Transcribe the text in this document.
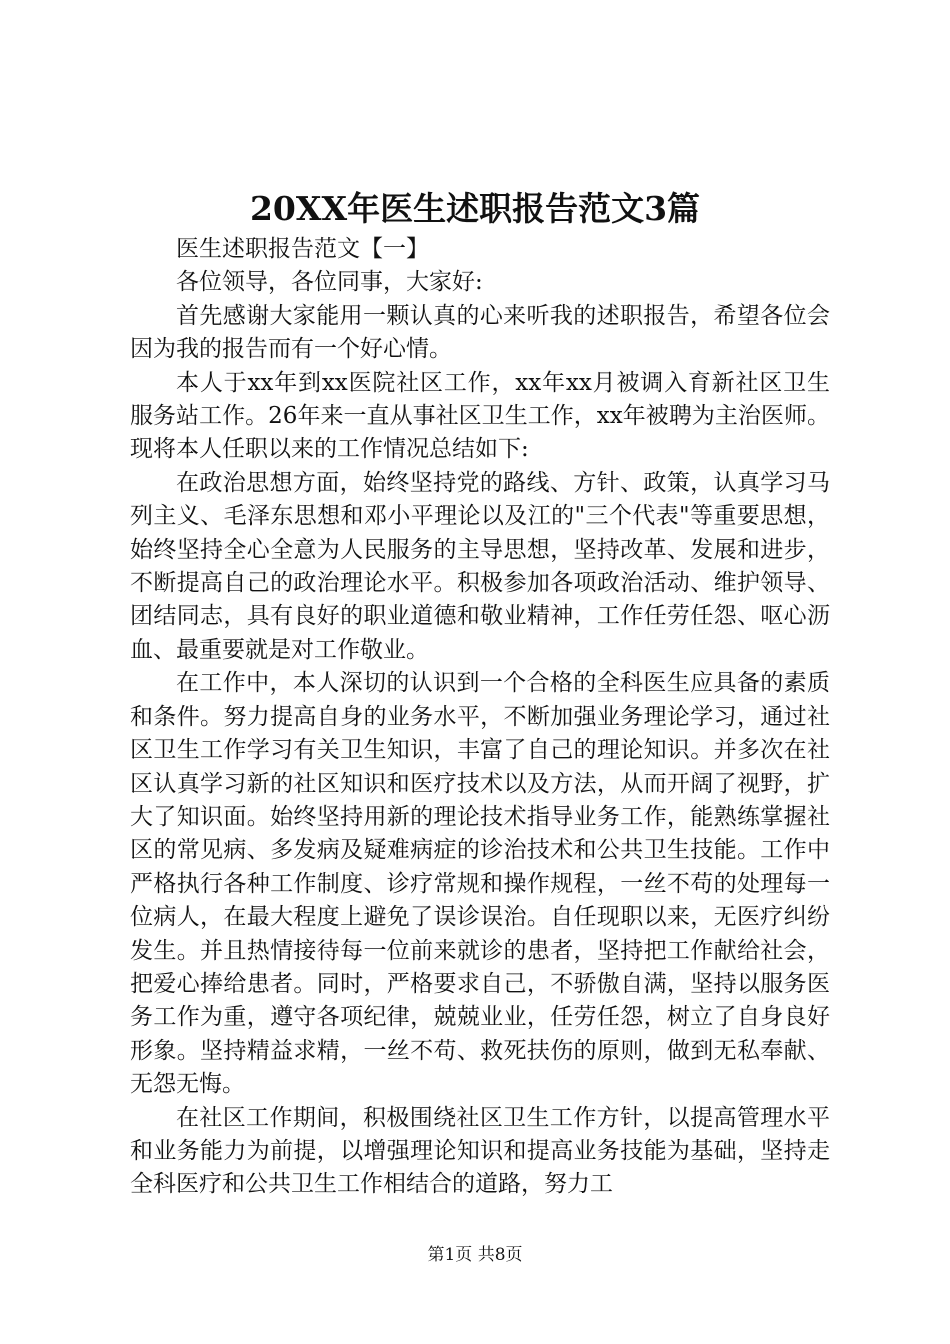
20XX年医生述职报告范文3篇

医生述职报告范文【一】

各位领导，各位同事，大家好:

首先感谢大家能用一颗认真的心来听我的述职报告，希望各位会因为我的报告而有一个好心情。

本人于xx年到xx医院社区工作，xx年xx月被调入育新社区卫生服务站工作。26年来一直从事社区卫生工作，xx年被聘为主治医师。现将本人任职以来的工作情况总结如下:

在政治思想方面，始终坚持党的路线、方针、政策，认真学习马列主义、毛泽东思想和邓小平理论以及江的"三个代表"等重要思想，始终坚持全心全意为人民服务的主导思想，坚持改革、发展和进步，不断提高自己的政治理论水平。积极参加各项政治活动、维护领导、团结同志，具有良好的职业道德和敬业精神，工作任劳任怨、呕心沥血、最重要就是对工作敬业。

在工作中，本人深切的认识到一个合格的全科医生应具备的素质和条件。努力提高自身的业务水平，不断加强业务理论学习，通过社区卫生工作学习有关卫生知识，丰富了自己的理论知识。并多次在社区认真学习新的社区知识和医疗技术以及方法，从而开阔了视野，扩大了知识面。始终坚持用新的理论技术指导业务工作，能熟练掌握社区的常见病、多发病及疑难病症的诊治技术和公共卫生技能。工作中严格执行各种工作制度、诊疗常规和操作规程，一丝不苟的处理每一位病人，在最大程度上避免了误诊误治。自任现职以来，无医疗纠纷发生。并且热情接待每一位前来就诊的患者，坚持把工作献给社会，把爱心捧给患者。同时，严格要求自己，不骄傲自满，坚持以服务医务工作为重，遵守各项纪律，兢兢业业，任劳任怨，树立了自身良好形象。坚持精益求精，一丝不苟、救死扶伤的原则，做到无私奉献、无怨无悔。

在社区工作期间，积极围绕社区卫生工作方针，以提高管理水平和业务能力为前提，以增强理论知识和提高业务技能为基础，坚持走全科医疗和公共卫生工作相结合的道路，努力工

第1页 共8页
